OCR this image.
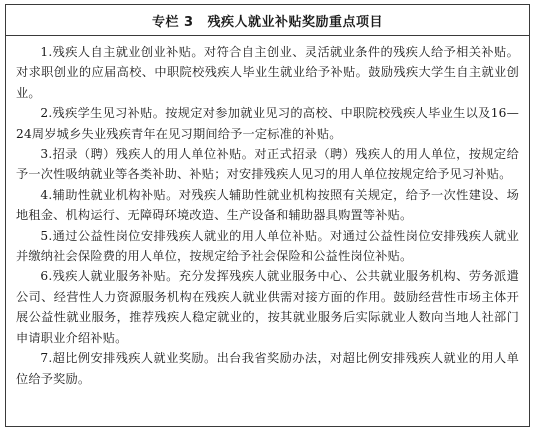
专栏 3 残疾人就业补贴奖励重点项目

1.残疾人自主就业创业补贴。对符合自主创业、灵活就业条件的残疾人给予相关补贴。对求职创业的应届高校、中职院校残疾人毕业生就业给予补贴。鼓励残疾大学生自主就业创业。

2.残疾学生见习补贴。按规定对参加就业见习的高校、中职院校残疾人毕业生以及16—24周岁城乡失业残疾青年在见习期间给予一定标准的补贴。

3.招录（聘）残疾人的用人单位补贴。对正式招录（聘）残疾人的用人单位，按规定给予一次性吸纳就业等各类补助、补贴；对安排残疾人见习的用人单位按规定给予见习补贴。

4.辅助性就业机构补贴。对残疾人辅助性就业机构按照有关规定，给予一次性建设、场地租金、机构运行、无障碍环境改造、生产设备和辅助器具购置等补贴。

5.通过公益性岗位安排残疾人就业的用人单位补贴。对通过公益性岗位安排残疾人就业并缴纳社会保险费的用人单位，按规定给予社会保险和公益性岗位补贴。

6.残疾人就业服务补贴。充分发挥残疾人就业服务中心、公共就业服务机构、劳务派遣公司、经营性人力资源服务机构在残疾人就业供需对接方面的作用。鼓励经营性市场主体开展公益性就业服务，推荐残疾人稳定就业的，按其就业服务后实际就业人数向当地人社部门申请职业介绍补贴。

7.超比例安排残疾人就业奖励。出台我省奖励办法，对超比例安排残疾人就业的用人单位给予奖励。
